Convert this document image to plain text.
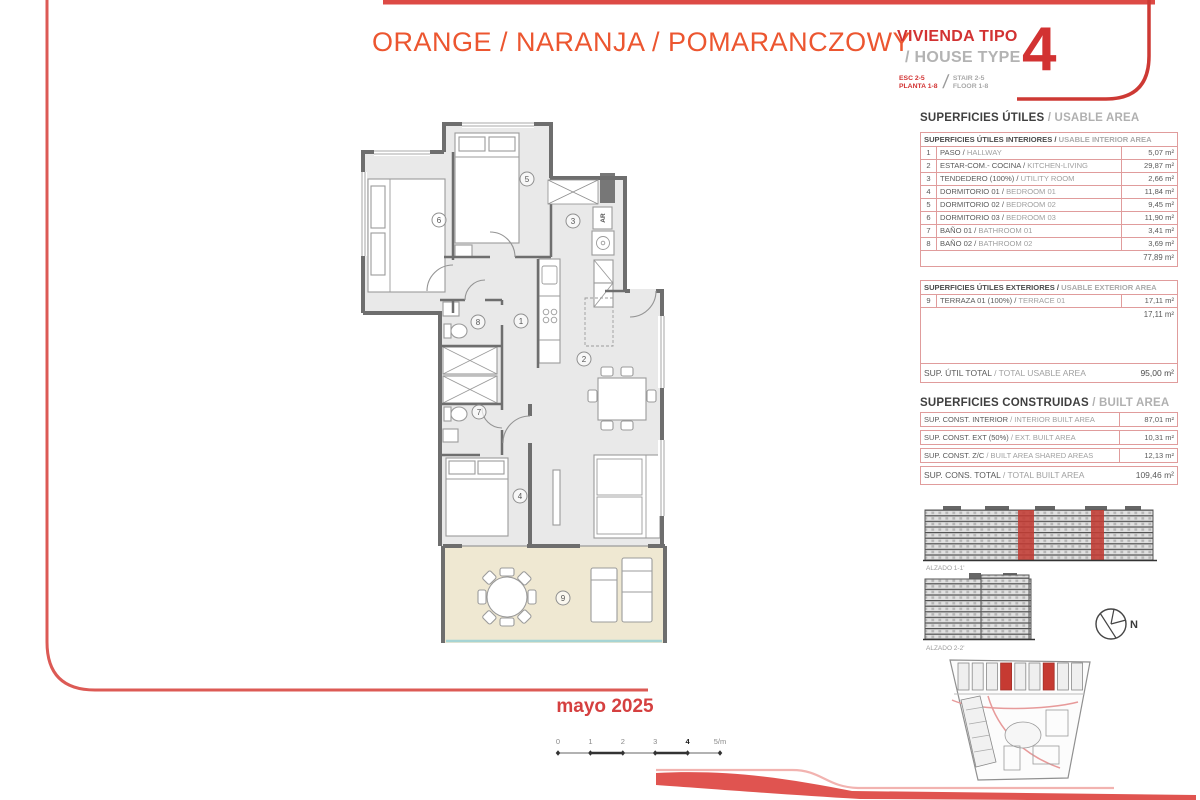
ORANGE / NARANJA / POMARANCZOWY
VIVIENDA TIPO
/ HOUSE TYPE
ESC 2-5
PLANTA 1-8 / STAIR 2-5
FLOOR 1-8
4
AR
1
2
3
4
5
6
7
8
9
SUPERFICIES ÚTILES / USABLE AREA
SUPERFICIES ÚTILES INTERIORES / USABLE INTERIOR AREA
1	PASO / HALLWAY	5,07 m²
2	ESTAR-COM.- COCINA / KITCHEN-LIVING	29,87 m²
3	TENDEDERO (100%) / UTILITY ROOM	2,66 m²
4	DORMITORIO 01 / BEDROOM 01	11,84 m²
5	DORMITORIO 02 / BEDROOM 02	9,45 m²
6	DORMITORIO 03 / BEDROOM 03	11,90 m²
7	BAÑO 01 / BATHROOM 01	3,41 m²
8	BAÑO 02 / BATHROOM 02	3,69 m²
77,89 m²
SUPERFICIES ÚTILES EXTERIORES / USABLE EXTERIOR AREA
9	TERRAZA 01 (100%) / TERRACE 01	17,11 m²
17,11 m²
SUP. ÚTIL TOTAL / TOTAL USABLE AREA	95,00 m²
SUPERFICIES CONSTRUIDAS / BUILT AREA
SUP. CONST. INTERIOR / INTERIOR BUILT AREA	87,01 m²
SUP. CONST. EXT (50%) / EXT. BUILT AREA	10,31 m²
SUP. CONST. Z/C / BUILT AREA SHARED AREAS	12,13 m²
SUP. CONS. TOTAL / TOTAL BUILT AREA	109,46 m²
ALZADO 1-1'
ALZADO 2-2'
N
mayo 2025
0	1	2	3	4	5/m
